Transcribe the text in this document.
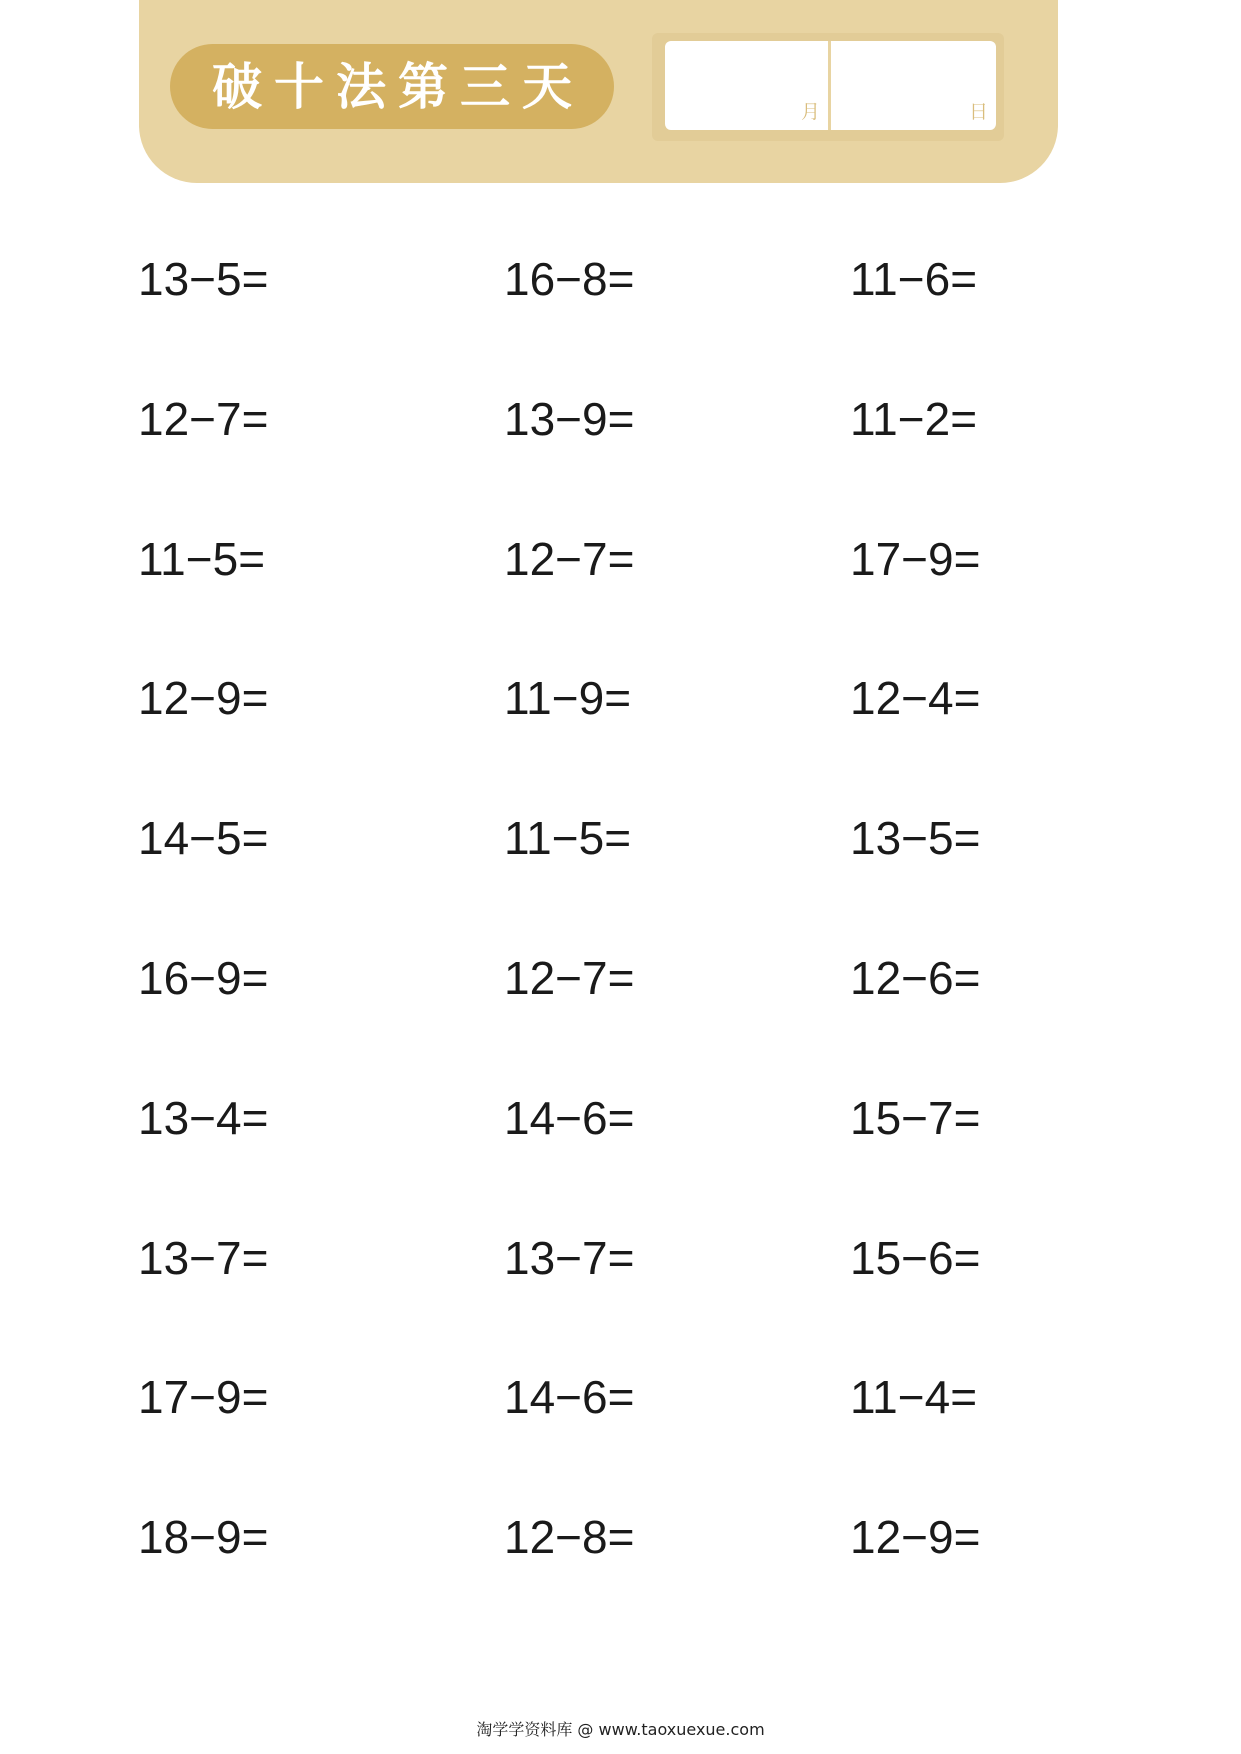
破十法第三天	月	日
13−5=	16−8=	11−6=
12−7=	13−9=	11−2=
11−5=	12−7=	17−9=
12−9=	11−9=	12−4=
14−5=	11−5=	13−5=
16−9=	12−7=	12−6=
13−4=	14−6=	15−7=
13−7=	13−7=	15−6=
17−9=	14−6=	11−4=
18−9=	12−8=	12−9=
淘学学资料库 @ www.taoxuexue.com
